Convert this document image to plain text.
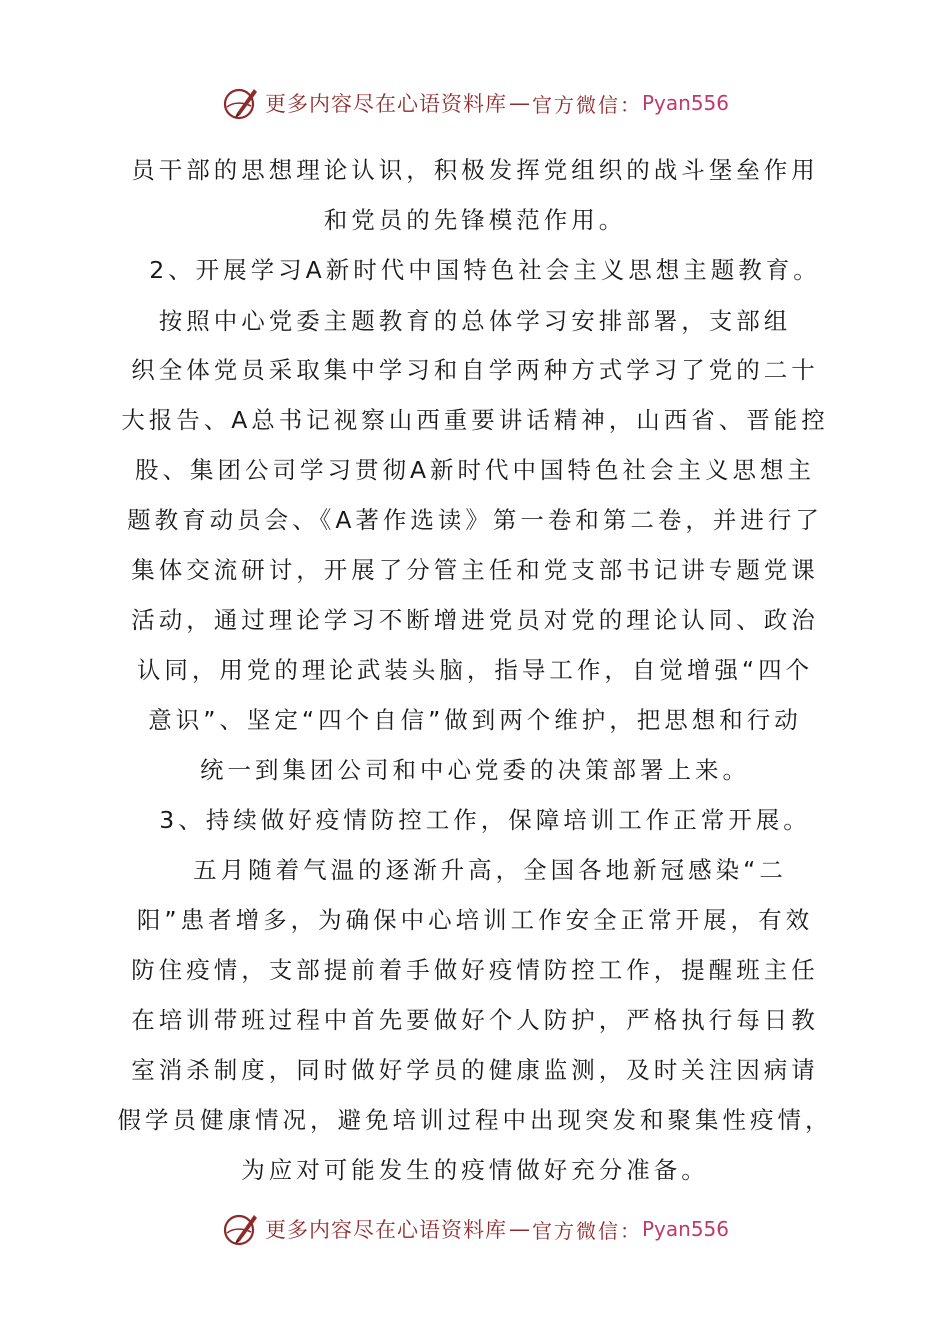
更多内容尽在心语资料库 — 官方微信： Pyan556
员干部的思想理论认识，积极发挥党组织的战斗堡垒作用
和党员的先锋模范作用。
2、开展学习A新时代中国特色社会主义思想主题教育。
按照中心党委主题教育的总体学习安排部署，支部组
织全体党员采取集中学习和自学两种方式学习了党的二十
大报告、A总书记视察山西重要讲话精神，山西省、晋能控
股、集团公司学习贯彻A新时代中国特色社会主义思想主
题教育动员会、《A著作选读》第一卷和第二卷，并进行了
集体交流研讨，开展了分管主任和党支部书记讲专题党课
活动，通过理论学习不断增进党员对党的理论认同、政治
认同，用党的理论武装头脑，指导工作，自觉增强“四个
意识”、坚定“四个自信”做到两个维护，把思想和行动
统一到集团公司和中心党委的决策部署上来。
3、持续做好疫情防控工作，保障培训工作正常开展。
五月随着气温的逐渐升高，全国各地新冠感染“二
阳”患者增多，为确保中心培训工作安全正常开展，有效
防住疫情，支部提前着手做好疫情防控工作，提醒班主任
在培训带班过程中首先要做好个人防护，严格执行每日教
室消杀制度，同时做好学员的健康监测，及时关注因病请
假学员健康情况，避免培训过程中出现突发和聚集性疫情，
为应对可能发生的疫情做好充分准备。
更多内容尽在心语资料库 — 官方微信： Pyan556
